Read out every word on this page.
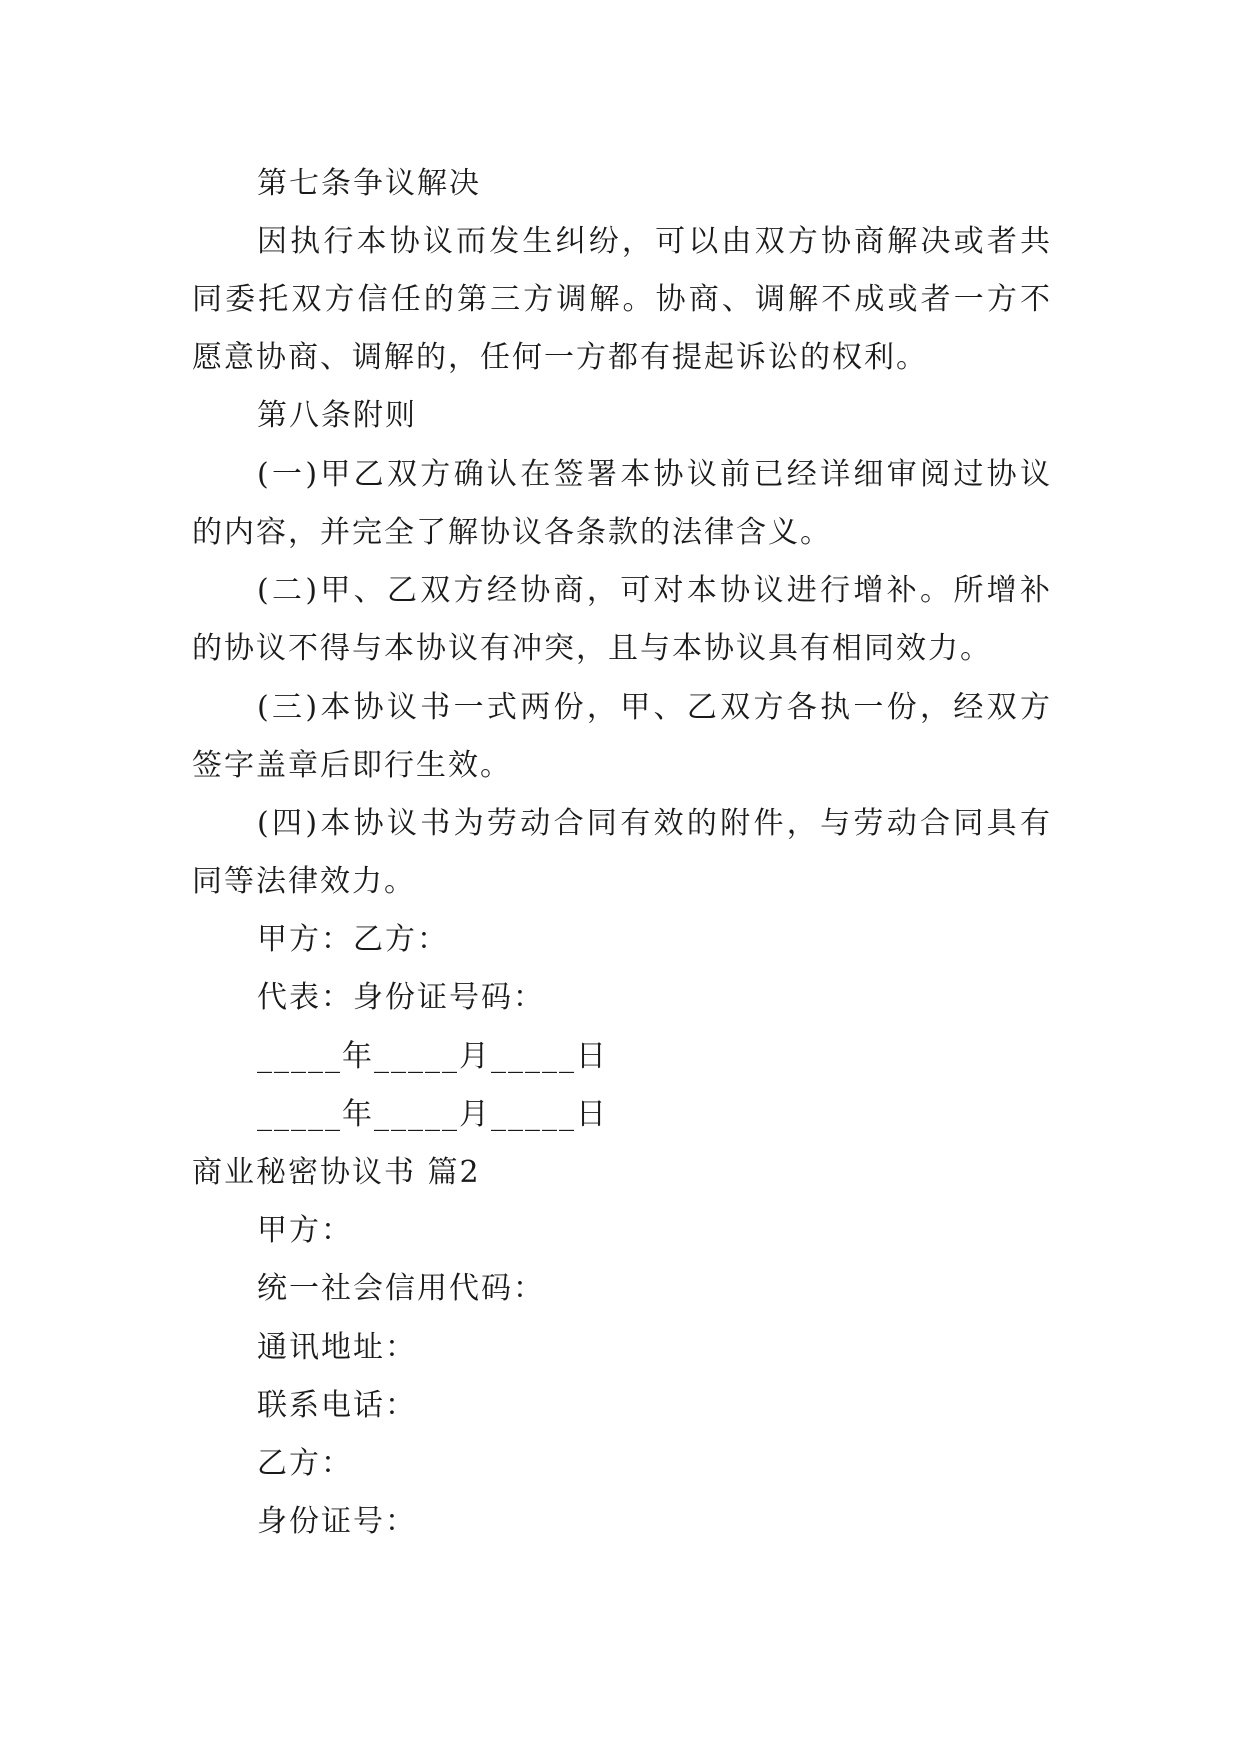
第七条争议解决
因执行本协议而发生纠纷，可以由双方协商解决或者共
同委托双方信任的第三方调解。协商、调解不成或者一方不
愿意协商、调解的，任何一方都有提起诉讼的权利。
第八条附则
(一)甲乙双方确认在签署本协议前已经详细审阅过协议
的内容，并完全了解协议各条款的法律含义。
(二)甲、乙双方经协商，可对本协议进行增补。所增补
的协议不得与本协议有冲突，且与本协议具有相同效力。
(三)本协议书一式两份，甲、乙双方各执一份，经双方
签字盖章后即行生效。
(四)本协议书为劳动合同有效的附件，与劳动合同具有
同等法律效力。
甲方：乙方：
代表：身份证号码：
_____年_____月_____日
_____年_____月_____日
商业秘密协议书 篇2
甲方：
统一社会信用代码：
通讯地址：
联系电话：
乙方：
身份证号：
